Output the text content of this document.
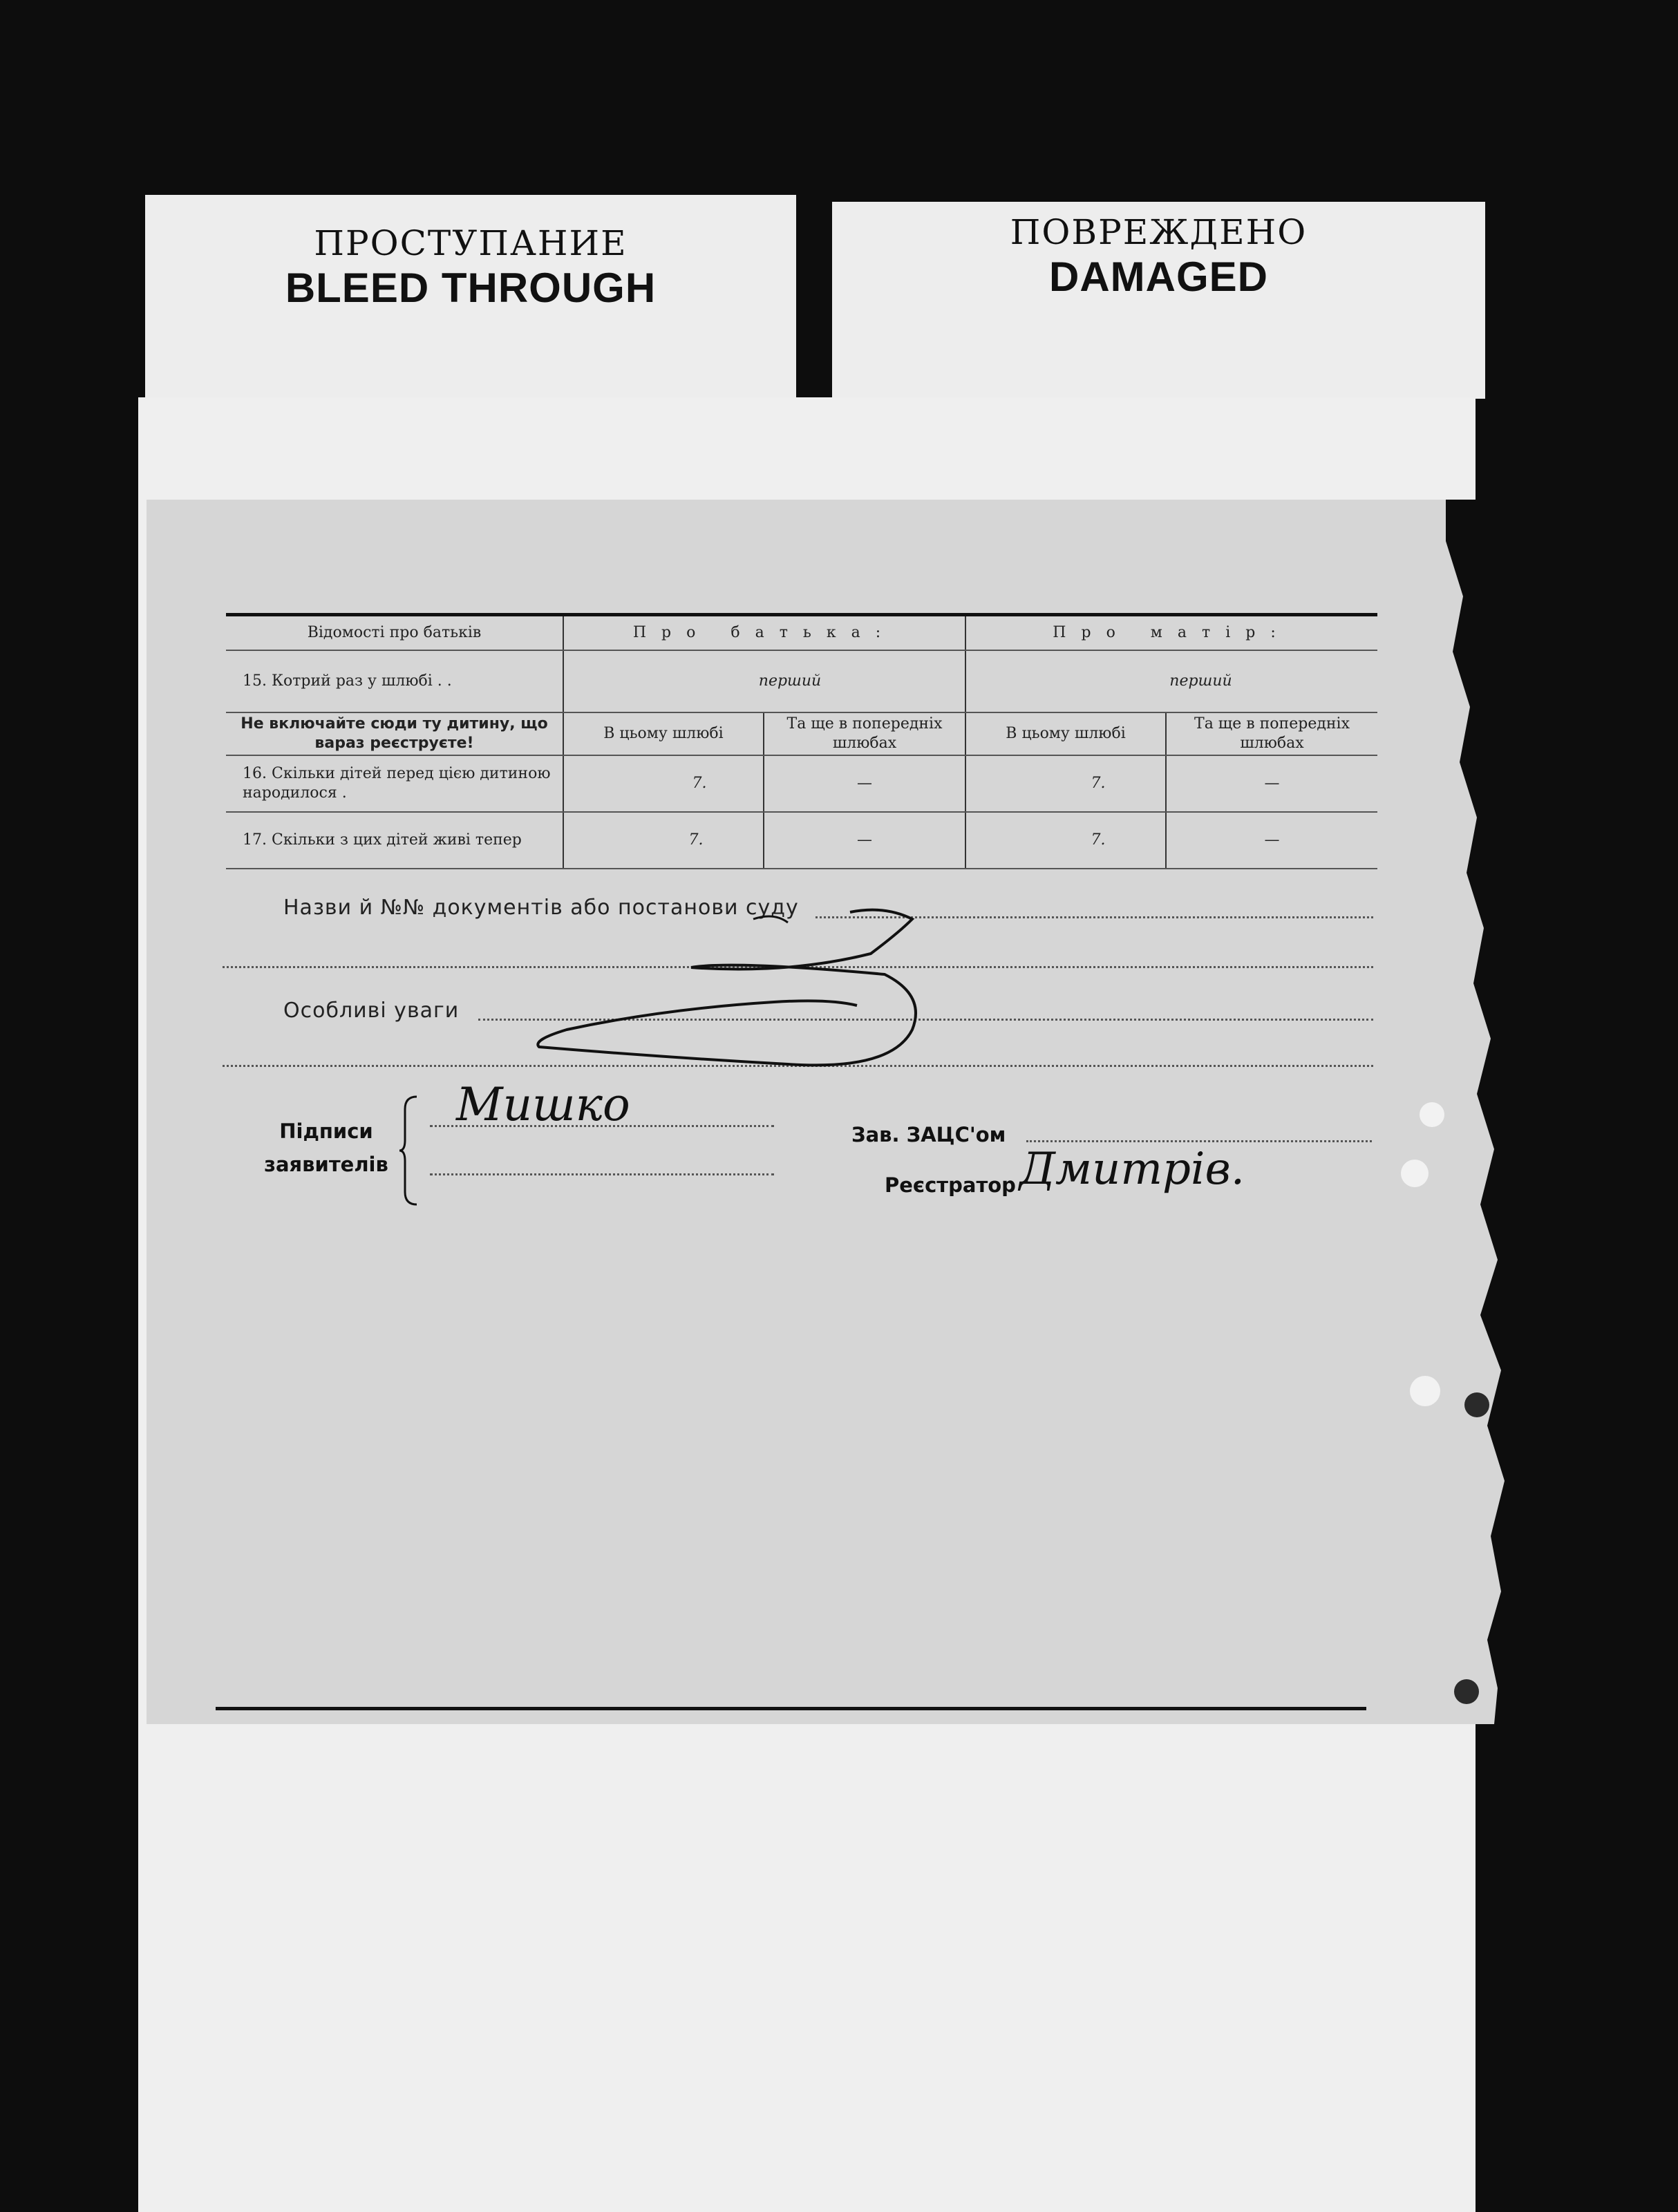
ПРОСТУПАНИЕ
BLEED THROUGH
ПОВРЕЖДЕНО
DAMAGED
Відомості про батьків	Про батька:		Про матір:	
15. Котрий раз у шлюбі . .	перший		перший	
Не включайте сюди ту дитину, що вараз реєструєте!	В цьому шлюбі	Та ще в попередніх шлюбах	В цьому шлюбі	Та ще в попередніх шлюбах
16. Скільки дітей перед цією дитиною народилося .	7.	—	7.	—
17. Скільки з цих дітей живі тепер	7.	—	7.	—
Назви й №№ документів або постанови суду
Особливі уваги
Підписи
заявителів
Мишко
Зав. ЗАЦС'ом
Реєстратор Дмитрів.
